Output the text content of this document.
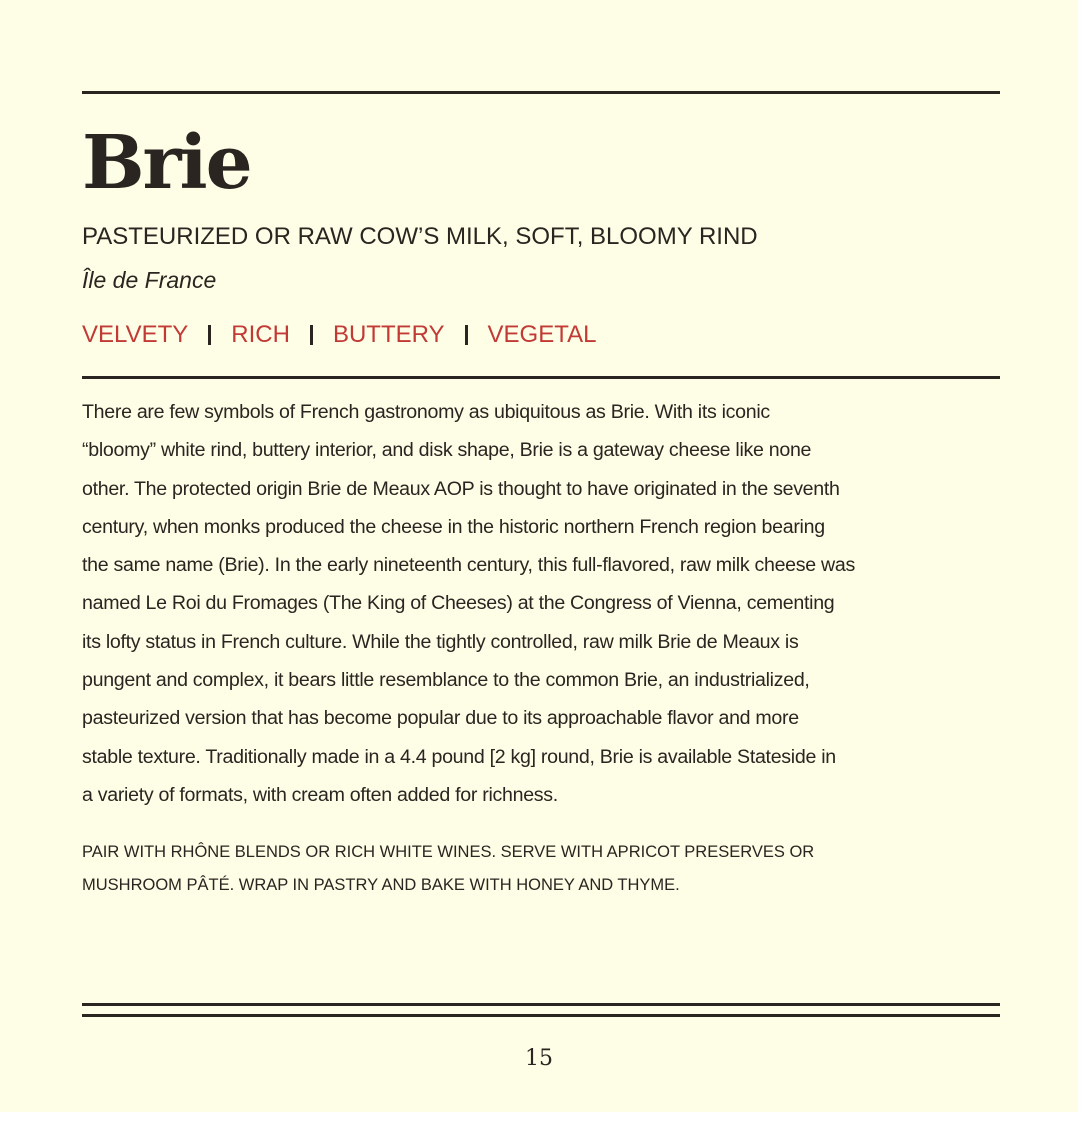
Brie
PASTEURIZED OR RAW COW’S MILK, SOFT, BLOOMY RIND
Île de France
VELVETY RICH BUTTERY VEGETAL

There are few symbols of French gastronomy as ubiquitous as Brie. With its iconic
“bloomy” white rind, buttery interior, and disk shape, Brie is a gateway cheese like none
other. The protected origin Brie de Meaux AOP is thought to have originated in the seventh
century, when monks produced the cheese in the historic northern French region bearing
the same name (Brie). In the early nineteenth century, this full-flavored, raw milk cheese was
named Le Roi du Fromages (The King of Cheeses) at the Congress of Vienna, cementing
its lofty status in French culture. While the tightly controlled, raw milk Brie de Meaux is
pungent and complex, it bears little resemblance to the common Brie, an industrialized,
pasteurized version that has become popular due to its approachable flavor and more
stable texture. Traditionally made in a 4.4 pound [2 kg] round, Brie is available Stateside in
a variety of formats, with cream often added for richness.

PAIR WITH RHÔNE BLENDS OR RICH WHITE WINES. SERVE WITH APRICOT PRESERVES OR
MUSHROOM PÂTÉ. WRAP IN PASTRY AND BAKE WITH HONEY AND THYME.

15
